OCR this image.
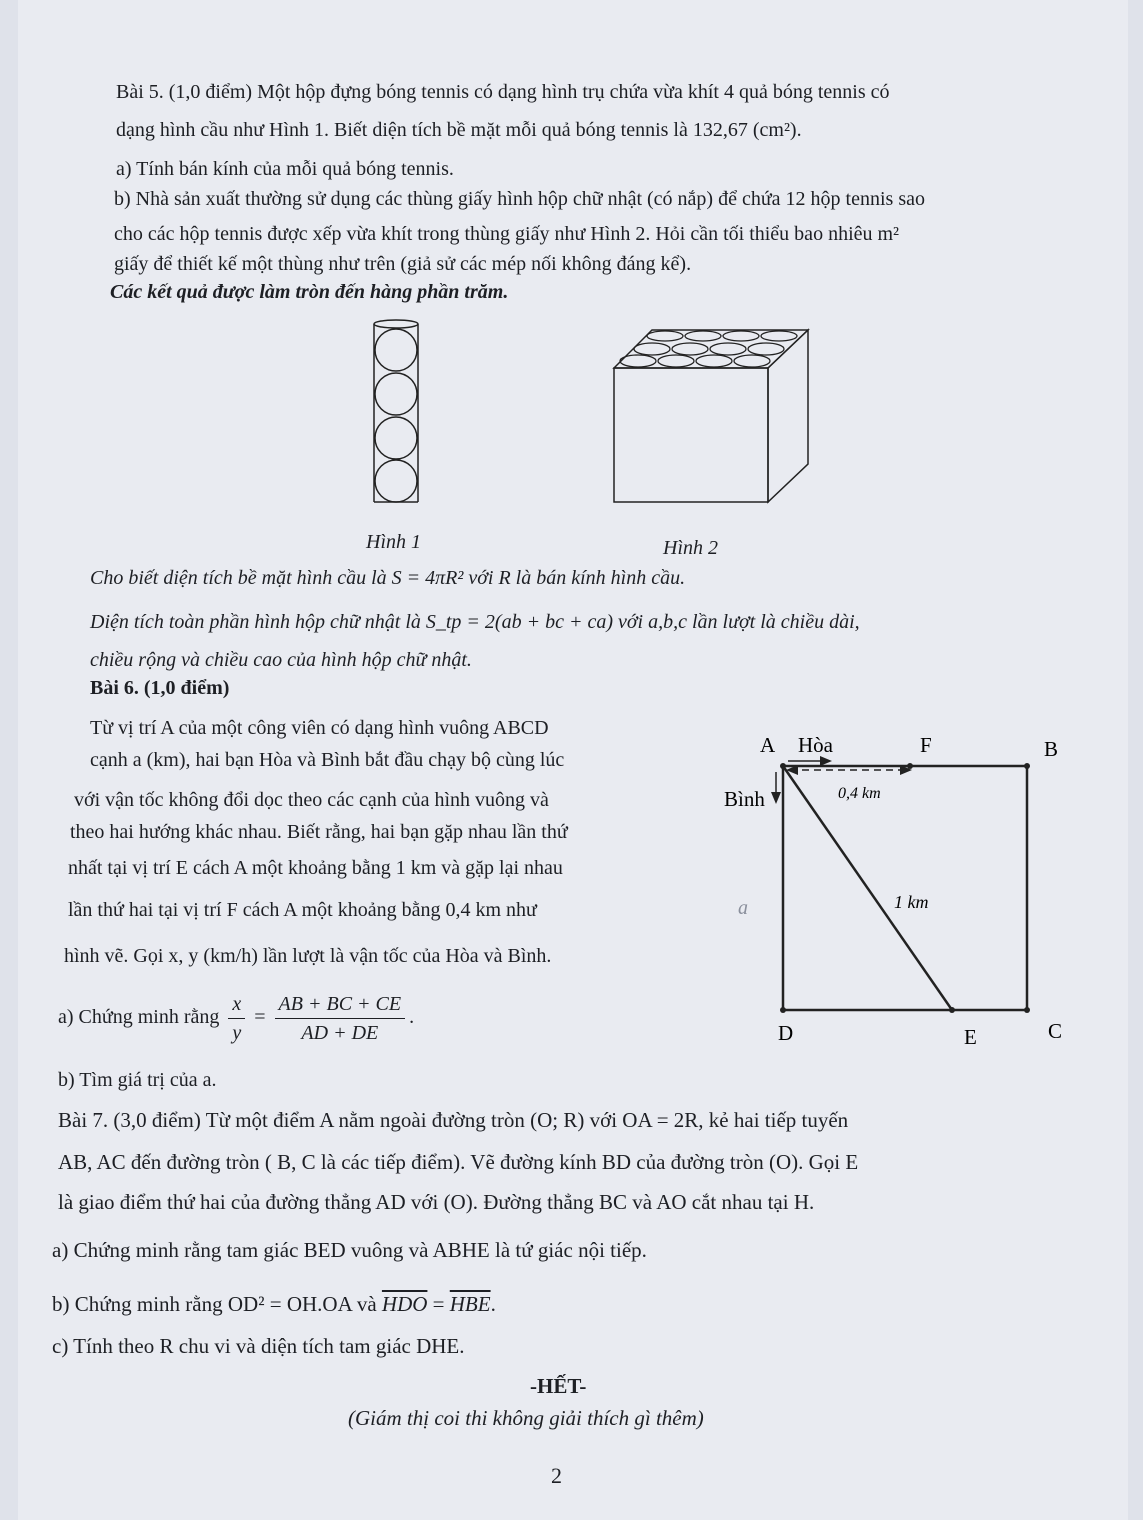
Bài 5. (1,0 điểm) Một hộp đựng bóng tennis có dạng hình trụ chứa vừa khít 4 quả bóng tennis có
dạng hình cầu như Hình 1. Biết diện tích bề mặt mỗi quả bóng tennis là 132,67 (cm²).
a) Tính bán kính của mỗi quả bóng tennis.
b) Nhà sản xuất thường sử dụng các thùng giấy hình hộp chữ nhật (có nắp) để chứa 12 hộp tennis sao
cho các hộp tennis được xếp vừa khít trong thùng giấy như Hình 2. Hỏi cần tối thiểu bao nhiêu m²
giấy để thiết kế một thùng như trên (giả sử các mép nối không đáng kể).
Các kết quả được làm tròn đến hàng phần trăm.
Hình 1	Hình 2
Cho biết diện tích bề mặt hình cầu là S = 4πR² với R là bán kính hình cầu.
Diện tích toàn phần hình hộp chữ nhật là S_tp = 2(ab + bc + ca) với a,b,c lần lượt là chiều dài,
chiều rộng và chiều cao của hình hộp chữ nhật.
Bài 6. (1,0 điểm)
Từ vị trí A của một công viên có dạng hình vuông ABCD
cạnh a (km), hai bạn Hòa và Bình bắt đầu chạy bộ cùng lúc
với vận tốc không đổi dọc theo các cạnh của hình vuông và
theo hai hướng khác nhau. Biết rằng, hai bạn gặp nhau lần thứ
nhất tại vị trí E cách A một khoảng bằng 1 km và gặp lại nhau
lần thứ hai tại vị trí F cách A một khoảng bằng 0,4 km như
hình vẽ. Gọi x, y (km/h) lần lượt là vận tốc của Hòa và Bình.
a) Chứng minh rằng $\frac{x}{y} = \frac{AB + BC + CE}{AD + DE}$ .
b) Tìm giá trị của a.
A Hòa	F	B
Bình	0,4 km
1 km
a
D	E	C
Bài 7. (3,0 điểm) Từ một điểm A nằm ngoài đường tròn (O; R) với OA = 2R, kẻ hai tiếp tuyến
AB, AC đến đường tròn ( B, C là các tiếp điểm). Vẽ đường kính BD của đường tròn (O). Gọi E
là giao điểm thứ hai của đường thẳng AD với (O). Đường thẳng BC và AO cắt nhau tại H.
a) Chứng minh rằng tam giác BED vuông và ABHE là tứ giác nội tiếp.
b) Chứng minh rằng OD² = OH.OA và $\overline{HDO} = \overline{HBE}$.
c) Tính theo R chu vi và diện tích tam giác DHE.
-HẾT-
(Giám thị coi thi không giải thích gì thêm)
2
